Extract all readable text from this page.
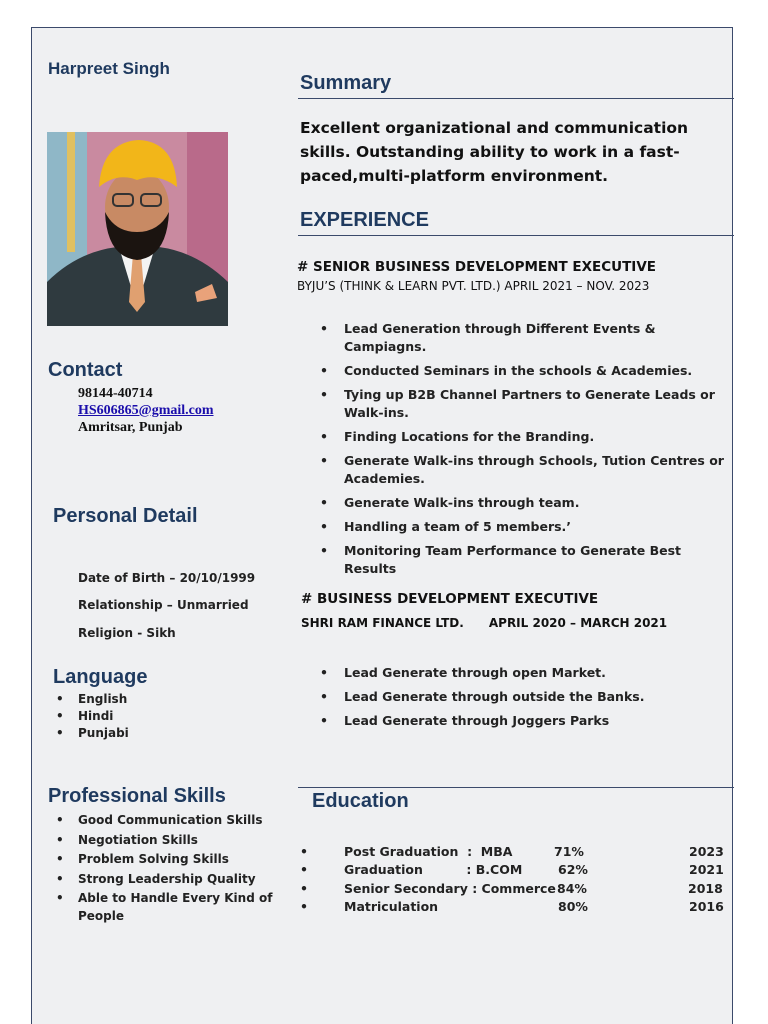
Harpreet Singh
Contact
98144-40714
HS606865@gmail.com
Amritsar, Punjab
Personal Detail
Date of Birth – 20/10/1999
Relationship – Unmarried
Religion - Sikh
Language
• English
• Hindi
• Punjabi
Professional Skills
• Good Communication Skills
• Negotiation Skills
• Problem Solving Skills
• Strong Leadership Quality
• Able to Handle Every Kind of People
Summary
Excellent organizational and communication skills. Outstanding ability to work in a fast-paced,multi-platform environment.
EXPERIENCE
# SENIOR BUSINESS DEVELOPMENT EXECUTIVE
BYJU’S (THINK & LEARN PVT. LTD.) APRIL 2021 – NOV. 2023
• Lead Generation through Different Events & Campiagns.
• Conducted Seminars in the schools & Academies.
• Tying up B2B Channel Partners to Generate Leads or Walk-ins.
• Finding Locations for the Branding.
• Generate Walk-ins through Schools, Tution Centres or Academies.
• Generate Walk-ins through team.
• Handling a team of 5 members.’
• Monitoring Team Performance to Generate Best Results
# BUSINESS DEVELOPMENT EXECUTIVE
SHRI RAM FINANCE LTD.      APRIL 2020 – MARCH 2021
• Lead Generate through open Market.
• Lead Generate through outside the Banks.
• Lead Generate through Joggers Parks
Education
•	Post Graduation  :  MBA	71%	2023
•	Graduation          : B.COM	62%	2021
•	Senior Secondary : Commerce 84%	2018
•	Matriculation	80%	2016
